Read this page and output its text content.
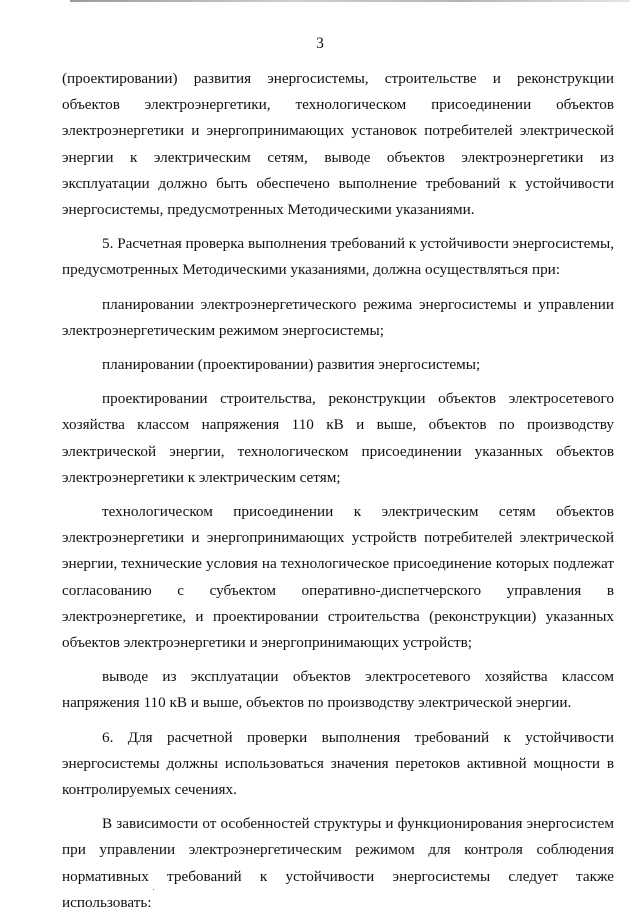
3

(проектировании) развития энергосистемы, строительстве и реконструкции объектов электроэнергетики, технологическом присоединении объектов электроэнергетики и энергопринимающих установок потребителей электрической энергии к электрическим сетям, выводе объектов электроэнергетики из эксплуатации должно быть обеспечено выполнение требований к устойчивости энергосистемы, предусмотренных Методическими указаниями.

5. Расчетная проверка выполнения требований к устойчивости энергосистемы, предусмотренных Методическими указаниями, должна осуществляться при:

планировании электроэнергетического режима энергосистемы и управлении электроэнергетическим режимом энергосистемы;

планировании (проектировании) развития энергосистемы;

проектировании строительства, реконструкции объектов электросетевого хозяйства классом напряжения 110 кВ и выше, объектов по производству электрической энергии, технологическом присоединении указанных объектов электроэнергетики к электрическим сетям;

технологическом присоединении к электрическим сетям объектов электроэнергетики и энергопринимающих устройств потребителей электрической энергии, технические условия на технологическое присоединение которых подлежат согласованию с субъектом оперативно-диспетчерского управления в электроэнергетике, и проектировании строительства (реконструкции) указанных объектов электроэнергетики и энергопринимающих устройств;

выводе из эксплуатации объектов электросетевого хозяйства классом напряжения 110 кВ и выше, объектов по производству электрической энергии.

6. Для расчетной проверки выполнения требований к устойчивости энергосистемы должны использоваться значения перетоков активной мощности в контролируемых сечениях.

В зависимости от особенностей структуры и функционирования энергосистем при управлении электроэнергетическим режимом для контроля соблюдения нормативных требований к устойчивости энергосистемы следует также использовать:
